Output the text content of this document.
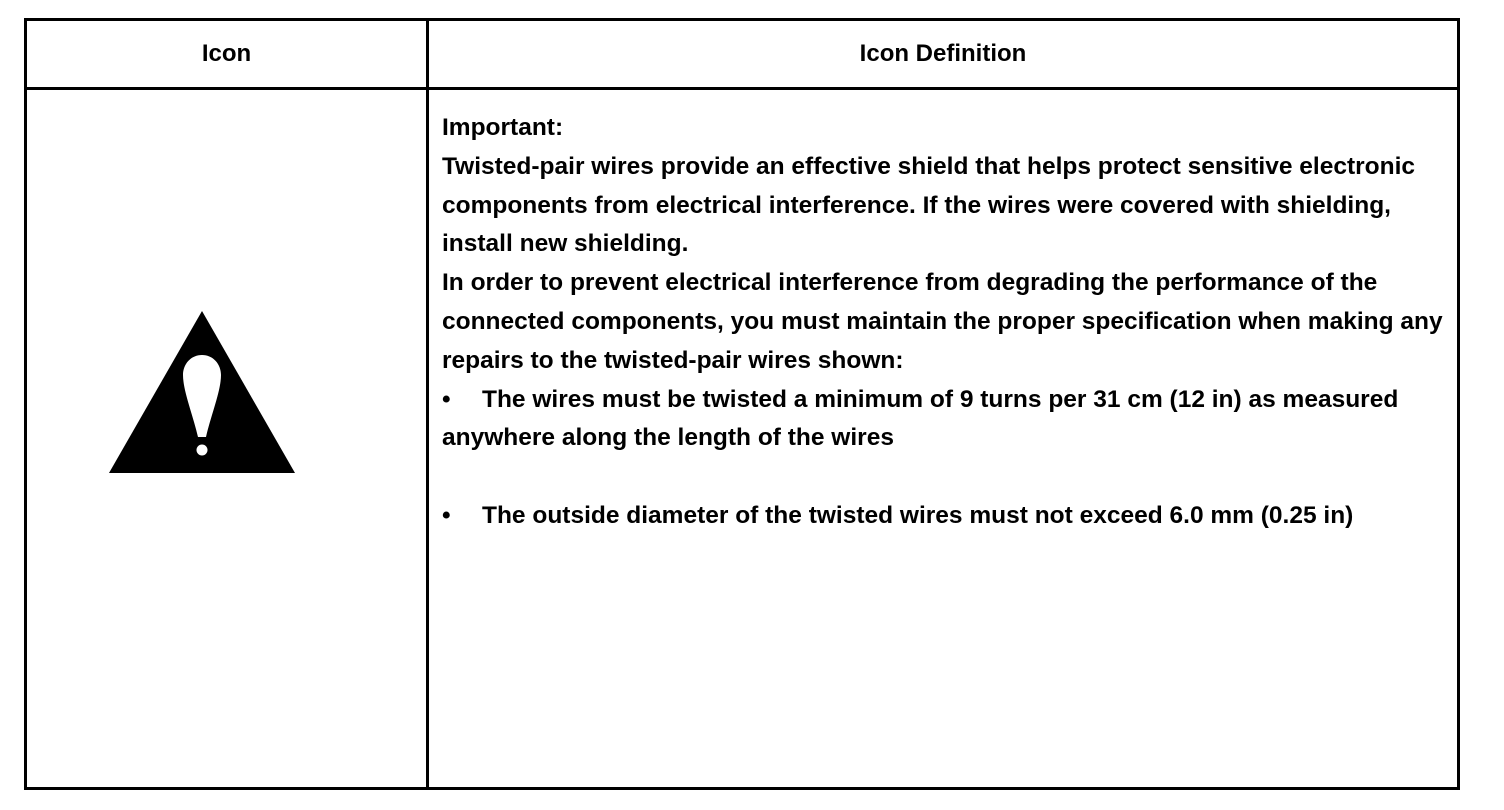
Icon	Icon Definition

Important:

Twisted-pair wires provide an effective shield that helps protect sensitive electronic components from electrical interference. If the wires were covered with shielding, install new shielding.

In order to prevent electrical interference from degrading the performance of the connected components, you must maintain the proper specification when making any repairs to the twisted-pair wires shown:

• The wires must be twisted a minimum of 9 turns per 31 cm (12 in) as measured anywhere along the length of the wires

• The outside diameter of the twisted wires must not exceed 6.0 mm (0.25 in)
